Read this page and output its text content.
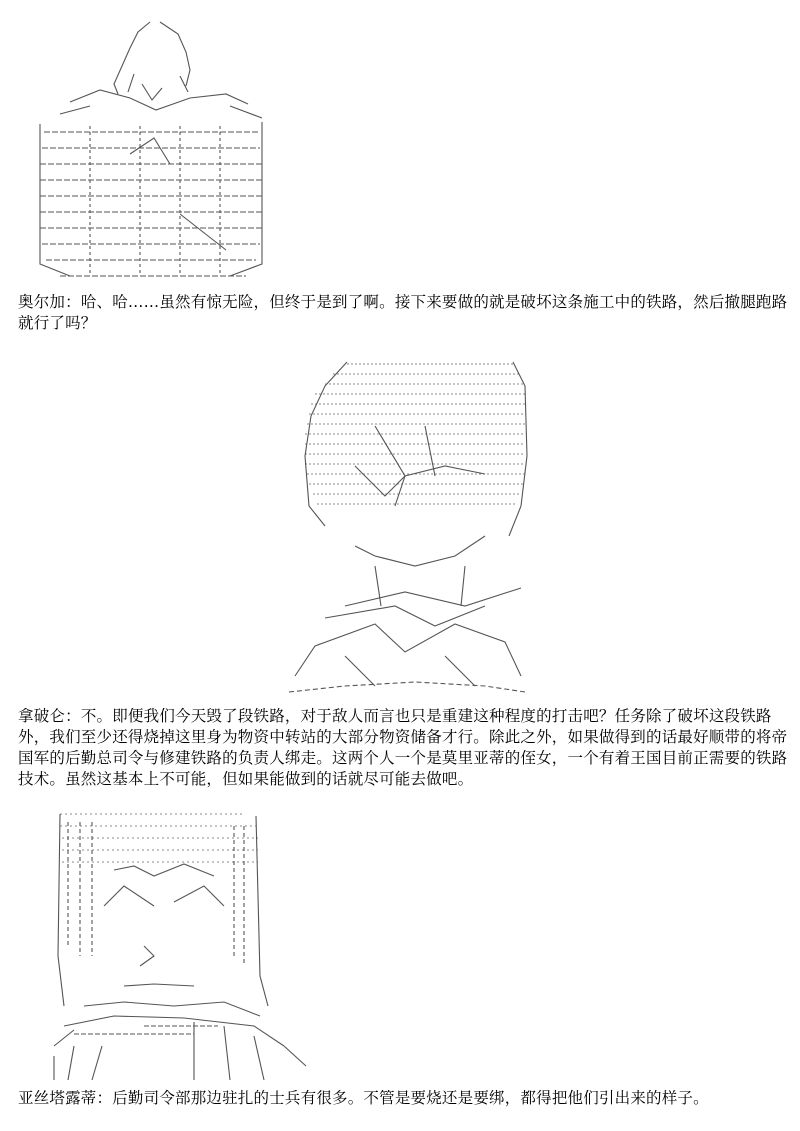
奥尔加 ： 哈、哈……虽然有惊无险，但终于是到了啊。接下来要做的就是破坏这条施工中的铁路，然后撤腿跑路就行了吗？

拿破仑 ： 不。即便我们今天毁了段铁路，对于敌人而言也只是重建这种程度的打击吧？任务除了破坏这段铁路外，我们至少还得烧掉这里身为物资中转站的大部分物资储备才行。除此之外，如果做得到的话最好顺带的将帝国军的后勤总司令与修建铁路的负责人绑走。这两个人一个是莫里亚蒂的侄女，一个有着王国目前正需要的铁路技术。虽然这基本上不可能，但如果能做到的话就尽可能去做吧。

亚丝塔露蒂 ： 后勤司令部那边驻扎的士兵有很多。不管是要烧还是要绑，都得把他们引出来的样子。
